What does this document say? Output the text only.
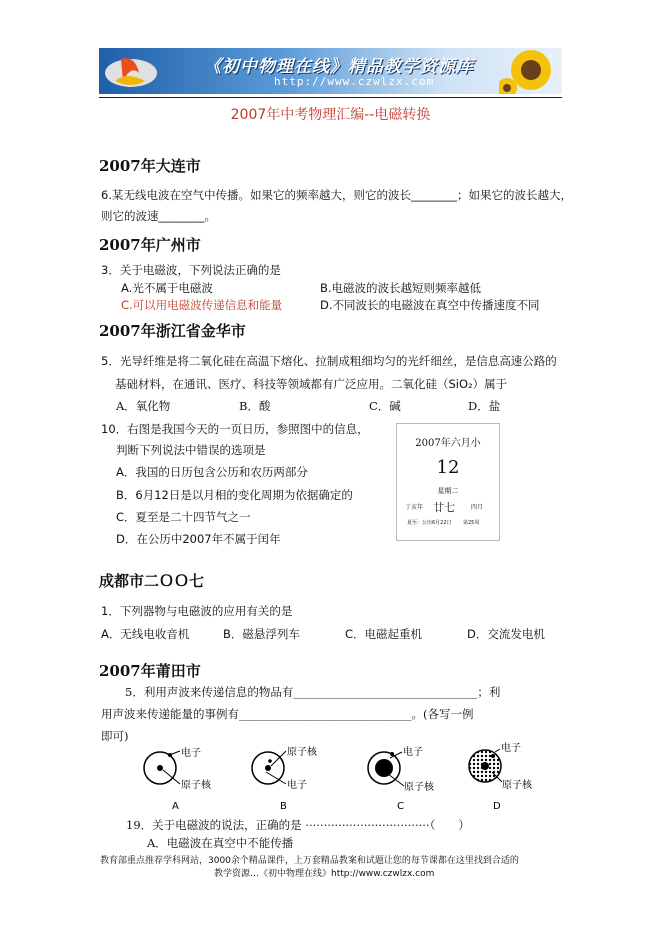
《初中物理在线》精品教学资源库
http://www.czwlzx.com
2007年中考物理汇编--电磁转换
2007年大连市
6.某无线电波在空气中传播。如果它的频率越大，则它的波长________；如果它的波长越大，
则它的波速________。
2007年广州市
3．关于电磁波，下列说法正确的是
A.光不属于电磁波	B.电磁波的波长越短则频率越低
C.可以用电磁波传递信息和能量	D.不同波长的电磁波在真空中传播速度不同
2007年浙江省金华市
5．光导纤维是将二氧化硅在高温下熔化、拉制成粗细均匀的光纤细丝，是信息高速公路的
基础材料，在通讯、医疗、科技等领域都有广泛应用。二氧化硅（SiO₂）属于
A．氧化物	B．酸	C．碱	D．盐
10．右图是我国今天的一页日历，参照图中的信息，
判断下列说法中错误的选项是
A．我国的日历包含公历和农历两部分
B．6月12日是以月相的变化周期为依据确定的
C．夏至是二十四节气之一
D．在公历中2007年不属于闰年
2007年六月小
12
星期二
丁亥年 廿七	四月
夏至：公历6月22日 第25周
成都市二ＯＯ七
1．下列器物与电磁波的应用有关的是
A．无线电收音机	B．磁悬浮列车	C．电磁起重机	D．交流发电机
2007年莆田市
5．利用声波来传递信息的物品有________________________________；利
用声波来传递能量的事例有______________________________。(各写一例
即可)
电子
原子核
A
原子核
电子
B
电子
原子核
C
电子
原子核
D
19．关于电磁波的说法，正确的是 ··································（　　）
A．电磁波在真空中不能传播
教育部重点推荐学科网站，3000余个精品课件，上万套精品教案和试题让您的每节课都在这里找到合适的
教学资源…《初中物理在线》http://www.czwlzx.com
